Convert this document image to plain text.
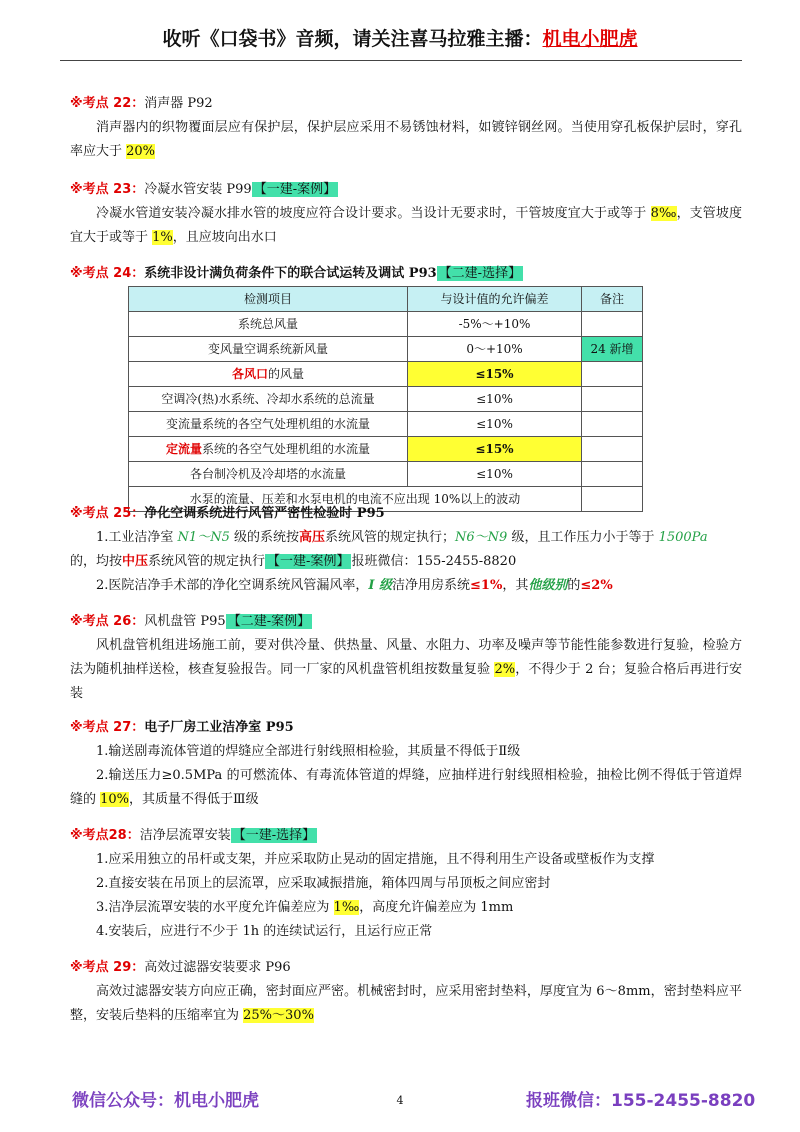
收听《口袋书》音频，请关注喜马拉雅主播：机电小肥虎
※考点 22：消声器 P92
消声器内的织物覆面层应有保护层，保护层应采用不易锈蚀材料，如镀锌钢丝网。当使用穿孔板保护层时，穿孔率应大于 20%
※考点 23：冷凝水管安装 P99 【一建-案例】
冷凝水管道安装冷凝水排水管的坡度应符合设计要求。当设计无要求时，干管坡度宜大于或等于 8‰，支管坡度宜大于或等于 1%，且应坡向出水口
※考点 24：系统非设计满负荷条件下的联合试运转及调试 P93 【二建-选择】
检测项目	与设计值的允许偏差	备注
系统总风量	-5%～+10%	
变风量空调系统新风量	0～+10%	24 新增
各风口的风量	≤15%	
空调冷(热)水系统、冷却水系统的总流量	≤10%	
变流量系统的各空气处理机组的水流量	≤10%	
定流量系统的各空气处理机组的水流量	≤15%	
各台制冷机及冷却塔的水流量	≤10%	
水泵的流量、压差和水泵电机的电流不应出现 10%以上的波动		
※考点 25：净化空调系统进行风管严密性检验时 P95
1.工业洁净室 N1～N5 级的系统按高压系统风管的规定执行；N6～N9 级，且工作压力小于等于 1500Pa
的，均按中压系统风管的规定执行 【一建-案例】 报班微信：155-2455-8820
2.医院洁净手术部的净化空调系统风管漏风率，I 级洁净用房系统≤1%，其他级别的≤2%
※考点 26：风机盘管 P95 【二建-案例】
风机盘管机组进场施工前，要对供冷量、供热量、风量、水阻力、功率及噪声等节能性能参数进行复验，检验方法为随机抽样送检，核查复验报告。同一厂家的风机盘管机组按数量复验 2%，不得少于 2 台；复验合格后再进行安装
※考点 27：电子厂房工业洁净室 P95
1.输送剧毒流体管道的焊缝应全部进行射线照相检验，其质量不得低于Ⅱ级
2.输送压力≥0.5MPa 的可燃流体、有毒流体管道的焊缝，应抽样进行射线照相检验，抽检比例不得低于管道焊缝的 10%，其质量不得低于Ⅲ级
※考点28：洁净层流罩安装 【一建-选择】
1.应采用独立的吊杆或支架，并应采取防止晃动的固定措施，且不得利用生产设备或壁板作为支撑
2.直接安装在吊顶上的层流罩，应采取减振措施，箱体四周与吊顶板之间应密封
3.洁净层流罩安装的水平度允许偏差应为 1‰，高度允许偏差应为 1mm
4.安装后，应进行不少于 1h 的连续试运行，且运行应正常
※考点 29：高效过滤器安装要求 P96
高效过滤器安装方向应正确，密封面应严密。机械密封时，应采用密封垫料，厚度宜为 6～8mm，密封垫料应平整，安装后垫料的压缩率宜为 25%～30%
微信公众号：机电小肥虎	4	报班微信：155-2455-8820
